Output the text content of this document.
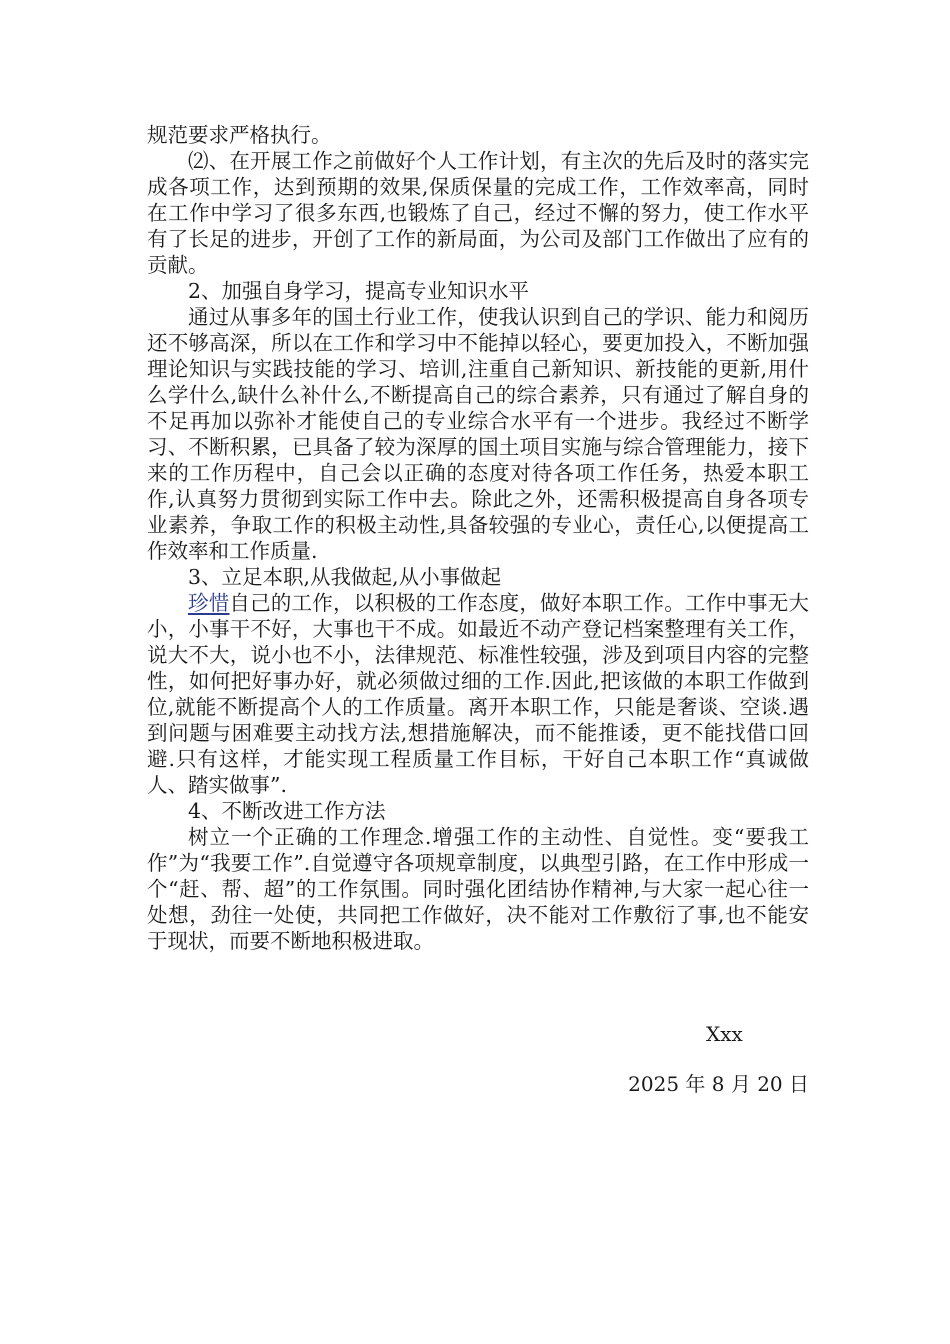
规范要求严格执行。

⑵、在开展工作之前做好个人工作计划，有主次的先后及时的落实完成各项工作，达到预期的效果,保质保量的完成工作，工作效率高，同时在工作中学习了很多东西,也锻炼了自己，经过不懈的努力，使工作水平有了长足的进步，开创了工作的新局面，为公司及部门工作做出了应有的贡献。

2、加强自身学习，提高专业知识水平

通过从事多年的国土行业工作，使我认识到自己的学识、能力和阅历还不够高深，所以在工作和学习中不能掉以轻心，要更加投入，不断加强理论知识与实践技能的学习、培训,注重自己新知识、新技能的更新,用什么学什么,缺什么补什么,不断提高自己的综合素养，只有通过了解自身的不足再加以弥补才能使自己的专业综合水平有一个进步。我经过不断学习、不断积累，已具备了较为深厚的国土项目实施与综合管理能力，接下来的工作历程中，自己会以正确的态度对待各项工作任务，热爱本职工作,认真努力贯彻到实际工作中去。除此之外，还需积极提高自身各项专业素养，争取工作的积极主动性,具备较强的专业心，责任心,以便提高工作效率和工作质量.

3、立足本职,从我做起,从小事做起

珍惜自己的工作，以积极的工作态度，做好本职工作。工作中事无大小，小事干不好，大事也干不成。如最近不动产登记档案整理有关工作，说大不大，说小也不小，法律规范、标准性较强，涉及到项目内容的完整性，如何把好事办好，就必须做过细的工作.因此,把该做的本职工作做到位,就能不断提高个人的工作质量。离开本职工作，只能是奢谈、空谈.遇到问题与困难要主动找方法,想措施解决，而不能推诿，更不能找借口回避.只有这样，才能实现工程质量工作目标，干好自己本职工作“真诚做人、踏实做事”.

4、不断改进工作方法

树立一个正确的工作理念.增强工作的主动性、自觉性。变“要我工作”为“我要工作”.自觉遵守各项规章制度，以典型引路，在工作中形成一个“赶、帮、超”的工作氛围。同时强化团结协作精神,与大家一起心往一处想，劲往一处使，共同把工作做好，决不能对工作敷衍了事,也不能安于现状，而要不断地积极进取。

Xxx
2025 年 8 月 20 日
